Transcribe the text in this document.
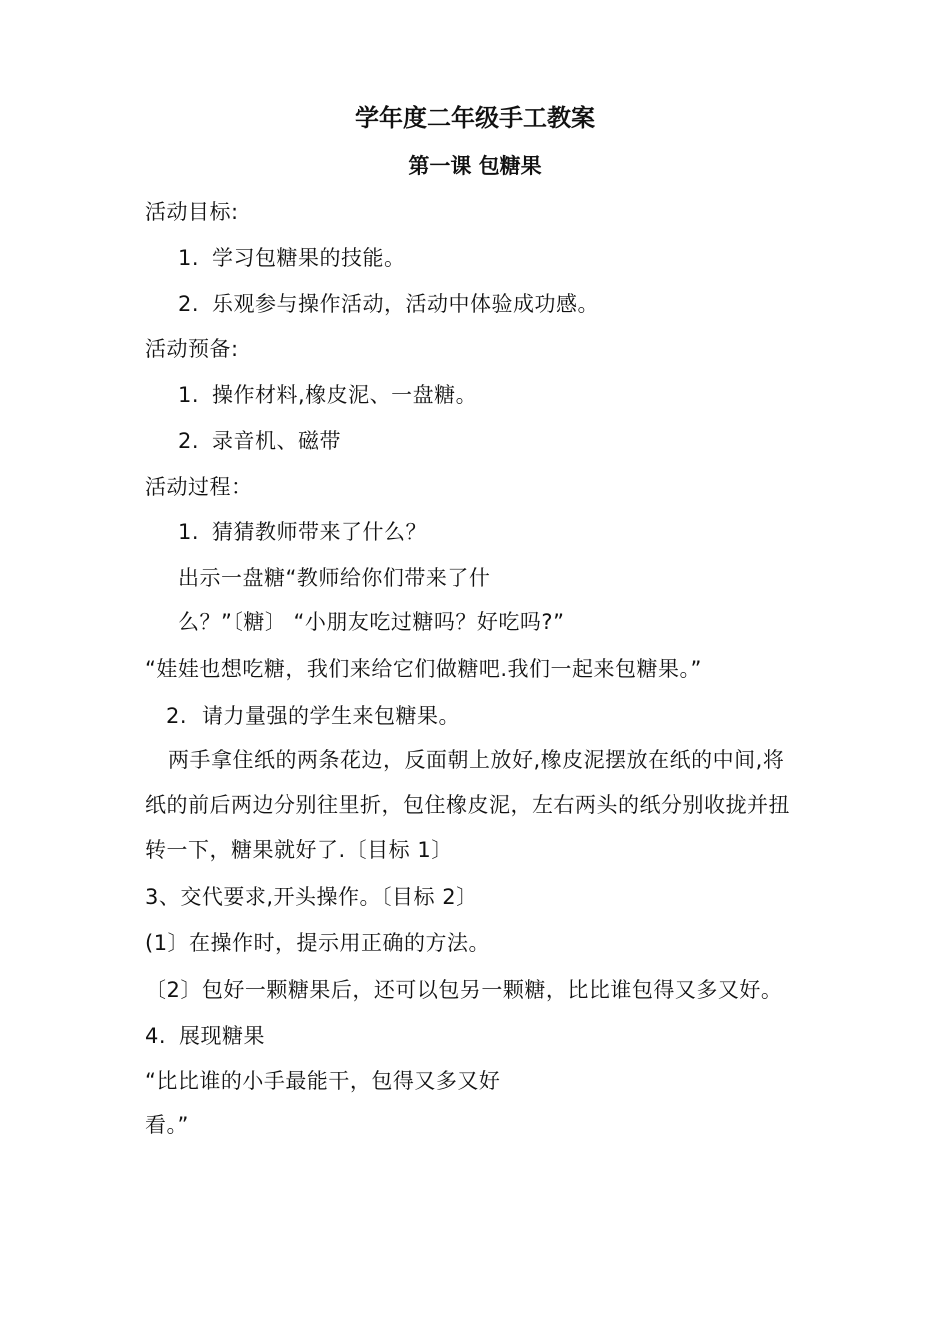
学年度二年级手工教案
第一课 包糖果
活动目标:
1. 学习包糖果的技能。
2. 乐观参与操作活动，活动中体验成功感。
活动预备:
1. 操作材料,橡皮泥、一盘糖。
2. 录音机、磁带
活动过程：
1. 猜猜教师带来了什么？
出示一盘糖“教师给你们带来了什
么？”〔糖〕 “小朋友吃过糖吗？好吃吗?”
“娃娃也想吃糖，我们来给它们做糖吧.我们一起来包糖果。”
2. 请力量强的学生来包糖果。
两手拿住纸的两条花边，反面朝上放好,橡皮泥摆放在纸的中间,将
纸的前后两边分别往里折，包住橡皮泥，左右两头的纸分别收拢并扭
转一下，糖果就好了.〔目标 1〕
3、交代要求,开头操作。〔目标 2〕
(1〕在操作时，提示用正确的方法。
〔2〕包好一颗糖果后，还可以包另一颗糖，比比谁包得又多又好。
4. 展现糖果
“比比谁的小手最能干，包得又多又好
看。”
